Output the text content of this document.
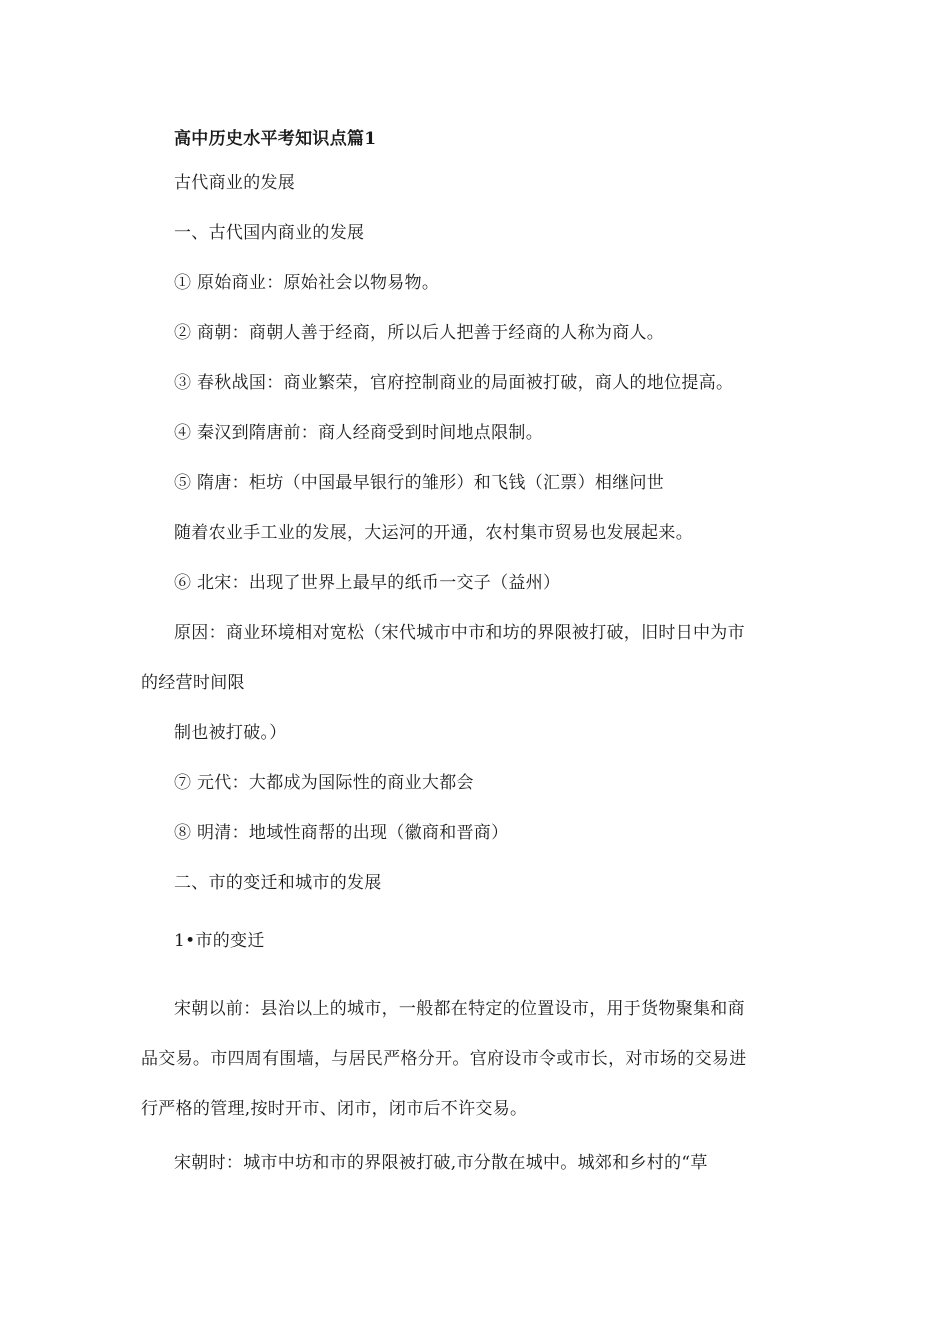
高中历史水平考知识点篇1
古代商业的发展
一、古代国内商业的发展
① 原始商业：原始社会以物易物。
② 商朝：商朝人善于经商，所以后人把善于经商的人称为商人。
③ 春秋战国：商业繁荣，官府控制商业的局面被打破，商人的地位提高。
④ 秦汉到隋唐前：商人经商受到时间地点限制。
⑤ 隋唐：柜坊（中国最早银行的雏形）和飞钱（汇票）相继问世
随着农业手工业的发展，大运河的开通，农村集市贸易也发展起来。
⑥ 北宋：出现了世界上最早的纸币一交子（益州）
原因：商业环境相对宽松（宋代城市中市和坊的界限被打破，旧时日中为市
的经营时间限
制也被打破。）
⑦ 元代：大都成为国际性的商业大都会
⑧ 明清：地域性商帮的出现（徽商和晋商）
二、市的变迁和城市的发展
1•市的变迁
宋朝以前：县治以上的城市，一般都在特定的位置设市，用于货物聚集和商
品交易。市四周有围墙，与居民严格分开。官府设市令或市长，对市场的交易进
行严格的管理,按时开市、闭市，闭市后不许交易。
宋朝时：城市中坊和市的界限被打破,市分散在城中。城郊和乡村的“草
